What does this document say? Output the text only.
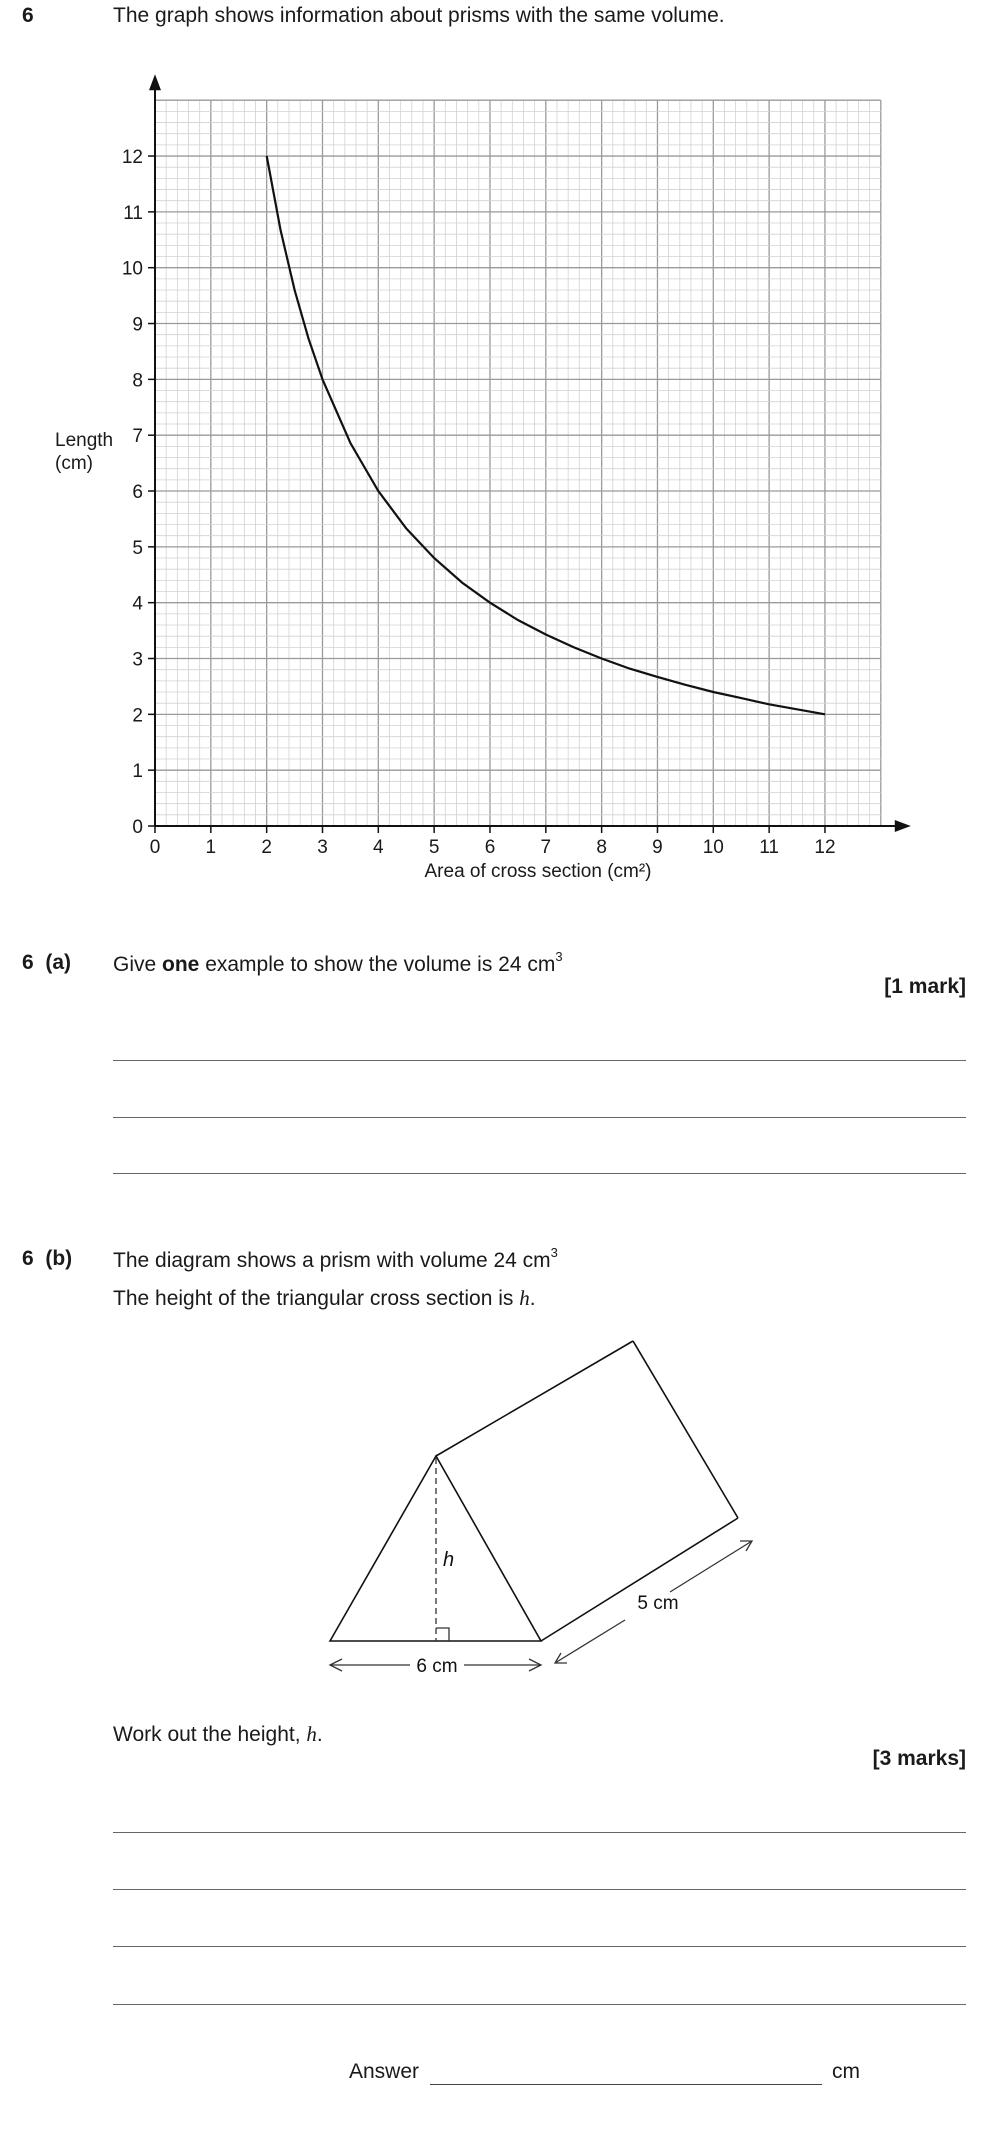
6	The graph shows information about prisms with the same volume.
0 1 2 3 4 5 6 7 8 9 10 11 12
0
1
2
3
4
5
6
7
8
9
10
11
12
Area of cross section (cm²)
Length
(cm)
6  (a) Give one example to show the volume is 24 $cm^3$
[1 mark]
6  (b) The diagram shows a prism with volume 24 $cm^3$
The height of the triangular cross section is h.
h
6 cm
5 cm
Work out the height, h.
[3 marks]
Answer	cm
